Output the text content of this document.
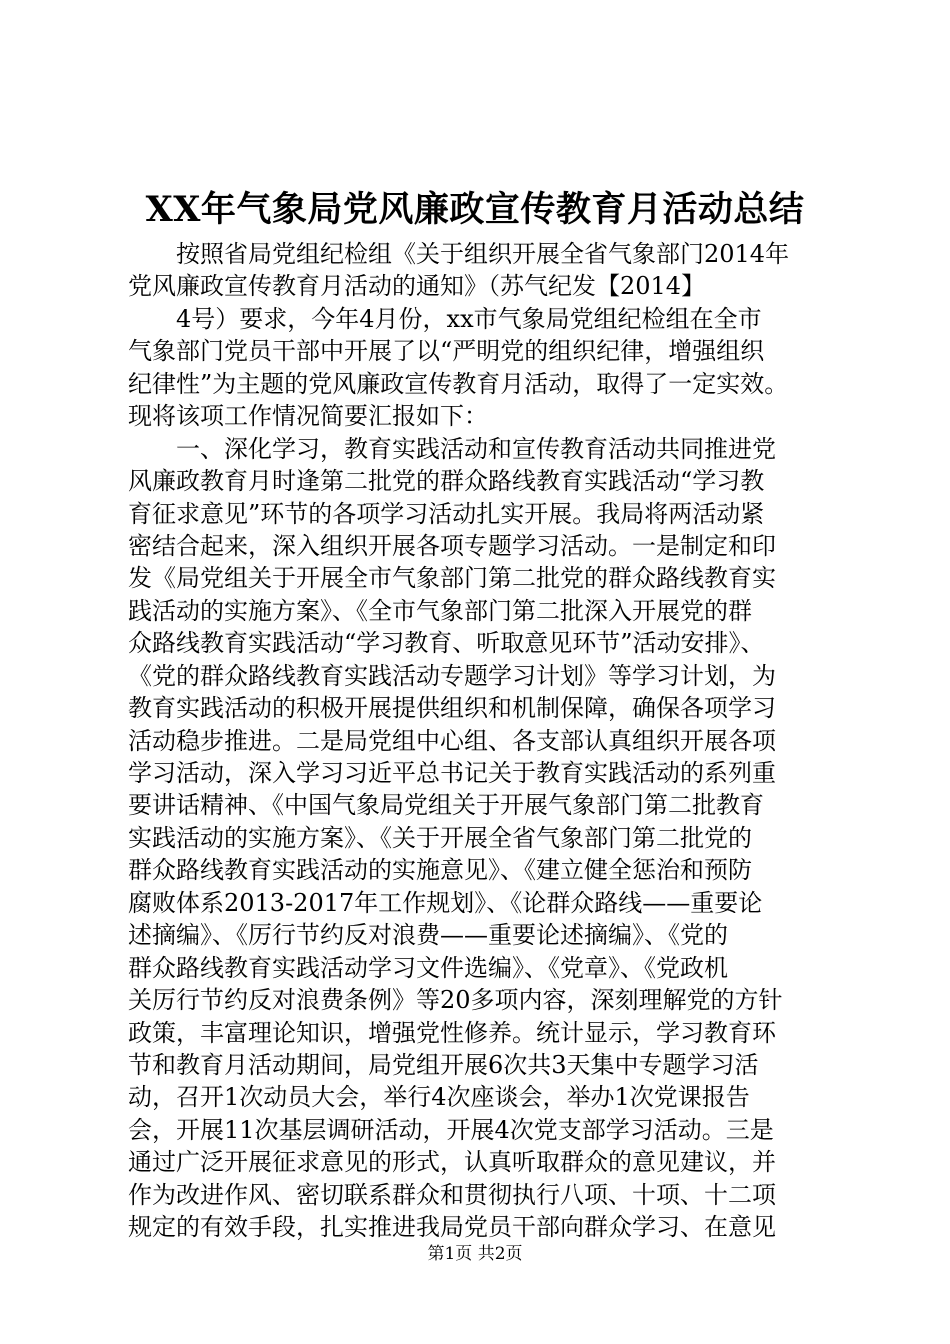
XX年气象局党风廉政宣传教育月活动总结
　　按照省局党组纪检组《关于组织开展全省气象部门2014年
党风廉政宣传教育月活动的通知》（苏气纪发【2014】
　　4号）要求，今年4月份，xx市气象局党组纪检组在全市
气象部门党员干部中开展了以“严明党的组织纪律，增强组织
纪律性”为主题的党风廉政宣传教育月活动，取得了一定实效。
现将该项工作情况简要汇报如下：
　　一、深化学习，教育实践活动和宣传教育活动共同推进党
风廉政教育月时逢第二批党的群众路线教育实践活动“学习教
育征求意见”环节的各项学习活动扎实开展。我局将两活动紧
密结合起来，深入组织开展各项专题学习活动。一是制定和印
发《局党组关于开展全市气象部门第二批党的群众路线教育实
践活动的实施方案》、《全市气象部门第二批深入开展党的群
众路线教育实践活动“学习教育、听取意见环节”活动安排》、
《党的群众路线教育实践活动专题学习计划》等学习计划，为
教育实践活动的积极开展提供组织和机制保障，确保各项学习
活动稳步推进。二是局党组中心组、各支部认真组织开展各项
学习活动，深入学习习近平总书记关于教育实践活动的系列重
要讲话精神、《中国气象局党组关于开展气象部门第二批教育
实践活动的实施方案》、《关于开展全省气象部门第二批党的
群众路线教育实践活动的实施意见》、《建立健全惩治和预防
腐败体系2013-2017年工作规划》、《论群众路线——重要论
述摘编》、《厉行节约反对浪费——重要论述摘编》、《党的
群众路线教育实践活动学习文件选编》、《党章》、《党政机
关厉行节约反对浪费条例》等20多项内容，深刻理解党的方针
政策，丰富理论知识，增强党性修养。统计显示，学习教育环
节和教育月活动期间，局党组开展6次共3天集中专题学习活
动，召开1次动员大会，举行4次座谈会，举办1次党课报告
会，开展11次基层调研活动，开展4次党支部学习活动。三是
通过广泛开展征求意见的形式，认真听取群众的意见建议，并
作为改进作风、密切联系群众和贯彻执行八项、十项、十二项
规定的有效手段，扎实推进我局党员干部向群众学习、在意见
第1页 共2页
